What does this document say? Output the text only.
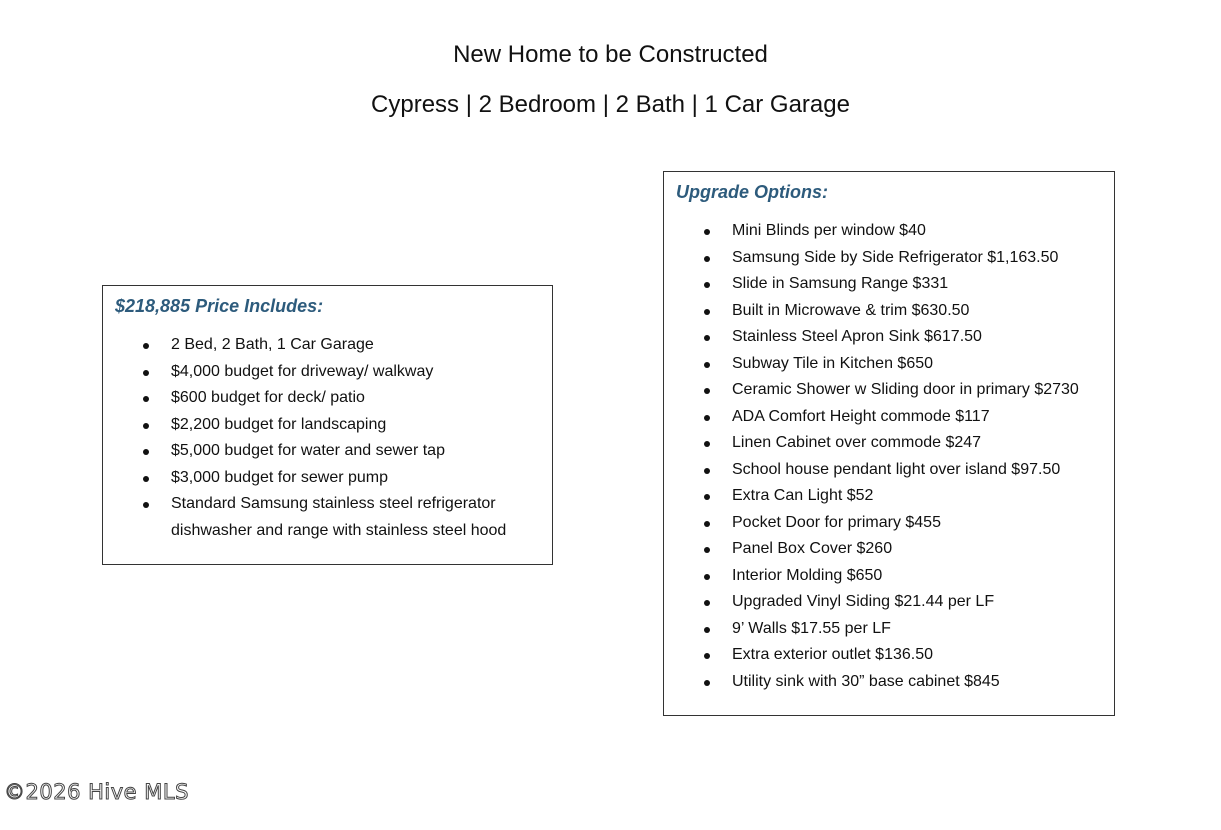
New Home to be Constructed
Cypress | 2 Bedroom | 2 Bath | 1 Car Garage
$218,885 Price Includes:
2 Bed, 2 Bath, 1 Car Garage
$4,000 budget for driveway/ walkway
$600 budget for deck/ patio
$2,200 budget for landscaping
$5,000 budget for water and sewer tap
$3,000 budget for sewer pump
Standard Samsung stainless steel refrigerator dishwasher and range with stainless steel hood
Upgrade Options:
Mini Blinds per window $40
Samsung Side by Side Refrigerator $1,163.50
Slide in Samsung Range $331
Built in Microwave & trim $630.50
Stainless Steel Apron Sink $617.50
Subway Tile in Kitchen $650
Ceramic Shower w Sliding door in primary $2730
ADA Comfort Height commode $117
Linen Cabinet over commode $247
School house pendant light over island $97.50
Extra Can Light $52
Pocket Door for primary $455
Panel Box Cover $260
Interior Molding $650
Upgraded Vinyl Siding $21.44 per LF
9’ Walls $17.55 per LF
Extra exterior outlet $136.50
Utility sink with 30” base cabinet $845
©2026 Hive MLS
